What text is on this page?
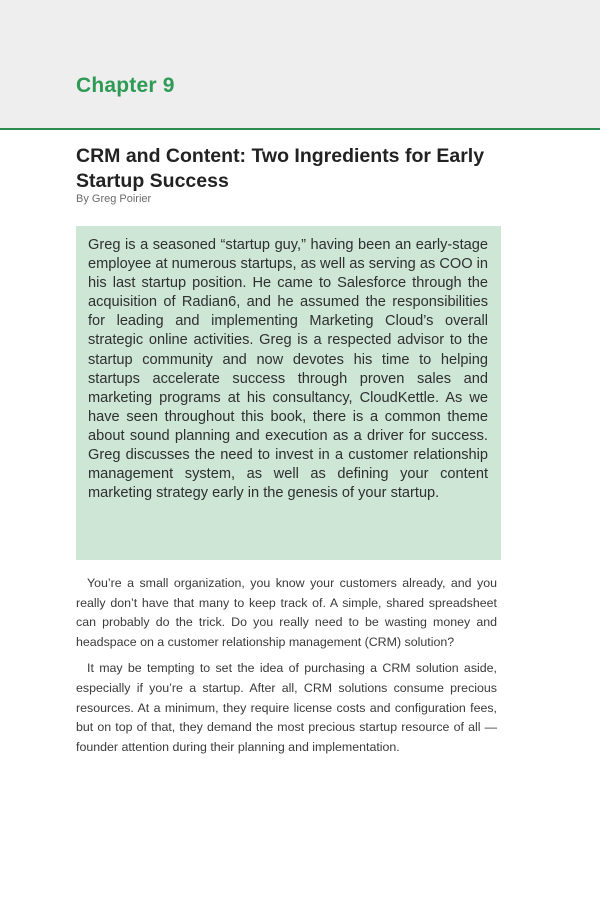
Chapter 9
CRM and Content: Two Ingredients for Early Startup Success

By Greg Poirier

Greg is a seasoned “startup guy,” having been an early-stage employee at numerous startups, as well as serving as COO in his last startup position. He came to Salesforce through the acquisition of Radian6, and he assumed the responsibilities for leading and implementing Marketing Cloud’s overall strategic online activities. Greg is a respected advisor to the startup community and now devotes his time to helping startups accelerate success through proven sales and marketing programs at his consultancy, CloudKettle. As we have seen throughout this book, there is a common theme about sound planning and execution as a driver for success. Greg discusses the need to invest in a customer relationship management system, as well as defining your content marketing strategy early in the genesis of your startup.

You’re a small organization, you know your customers already, and you really don’t have that many to keep track of. A simple, shared spreadsheet can probably do the trick. Do you really need to be wasting money and headspace on a customer relationship management (CRM) solution?

It may be tempting to set the idea of purchasing a CRM solution aside, especially if you’re a startup. After all, CRM solutions consume precious resources. At a minimum, they require license costs and configuration fees, but on top of that, they demand the most precious startup resource of all — founder attention during their planning and implementation.
